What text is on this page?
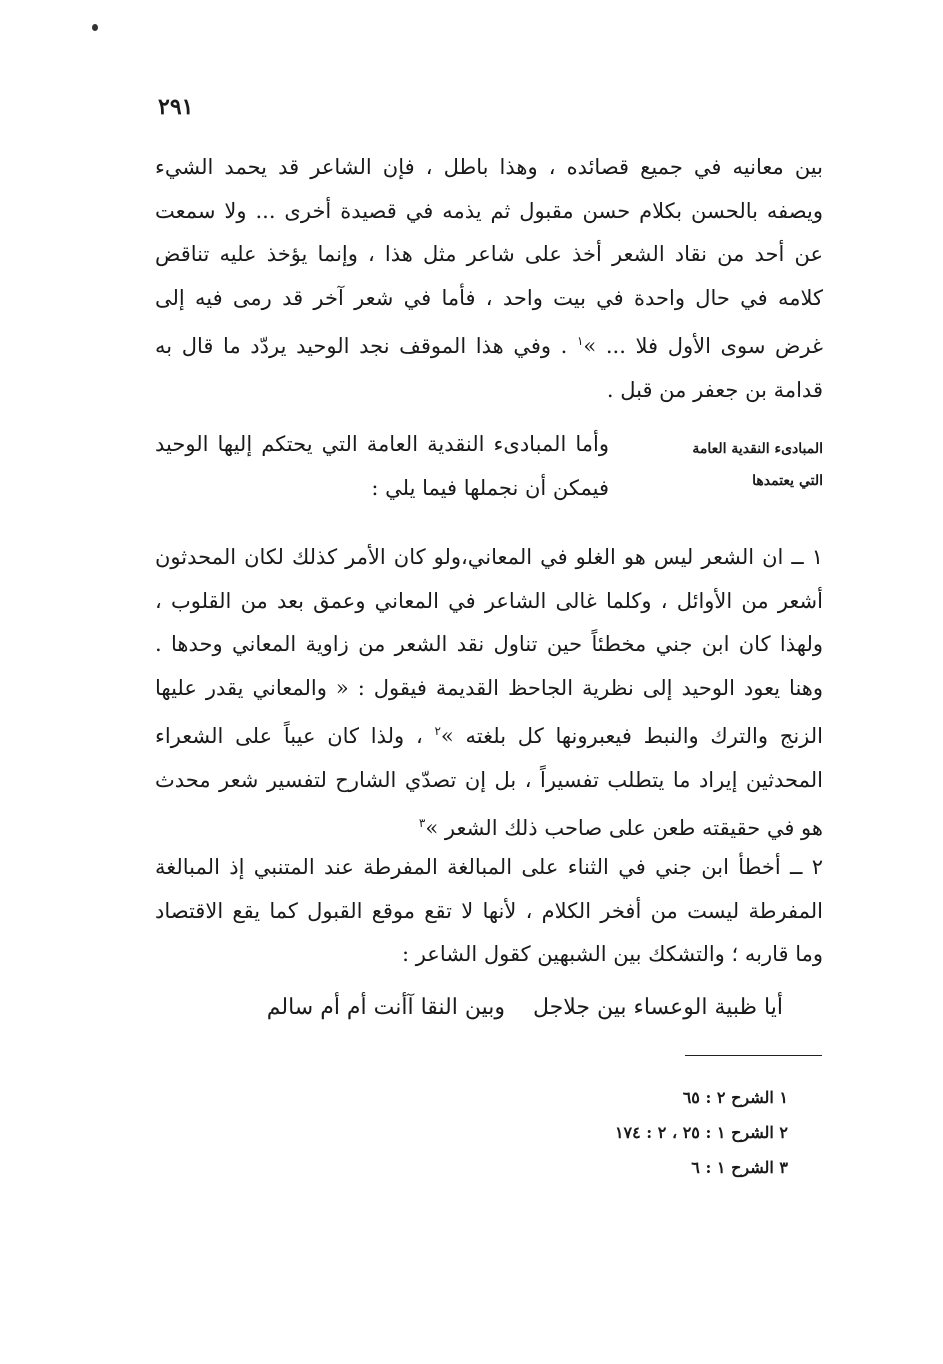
٢٩١

بين معانيه في جميع قصائده ، وهذا باطل ، فإن الشاعر قد يحمد الشيء ويصفه بالحسن بكلام حسن مقبول ثم يذمه في قصيدة أخرى ... ولا سمعت عن أحد من نقاد الشعر أخذ على شاعر مثل هذا ، وإنما يؤخذ عليه تناقض كلامه في حال واحدة في بيت واحد ، فأما في شعر آخر قد رمى فيه إلى غرض سوى الأول فلا ... »$^١$ . وفي هذا الموقف نجد الوحيد يردّد ما قال به قدامة بن جعفر من قبل .

المبادىء النقدية العامة
التي يعتمدها

وأما المبادىء النقدية العامة التي يحتكم إليها الوحيد فيمكن أن نجملها فيما يلي :

١ ــ ان الشعر ليس هو الغلو في المعاني،ولو كان الأمر كذلك لكان المحدثون أشعر من الأوائل ، وكلما غالى الشاعر في المعاني وعمق بعد من القلوب ، ولهذا كان ابن جني مخطئاً حين تناول نقد الشعر من زاوية المعاني وحدها . وهنا يعود الوحيد إلى نظرية الجاحظ القديمة فيقول : « والمعاني يقدر عليها الزنج والترك والنبط فيعبرونها كل بلغته »$^٢$ ، ولذا كان عيباً على الشعراء المحدثين إيراد ما يتطلب تفسيراً ، بل إن تصدّي الشارح لتفسير شعر محدث هو في حقيقته طعن على صاحب ذلك الشعر »$^٣$

٢ ــ أخطأ ابن جني في الثناء على المبالغة المفرطة عند المتنبي إذ المبالغة المفرطة ليست من أفخر الكلام ، لأنها لا تقع موقع القبول كما يقع الاقتصاد وما قاربه ؛ والتشكك بين الشبهين كقول الشاعر :

أيا ظبية الوعساء بين جلاجلوبين النقا آأنت أم أم سالم
١ الشرح ٢ : ٦٥
٢ الشرح ١ : ٢٥ ، ٢ : ١٧٤
٣ الشرح ١ : ٦
